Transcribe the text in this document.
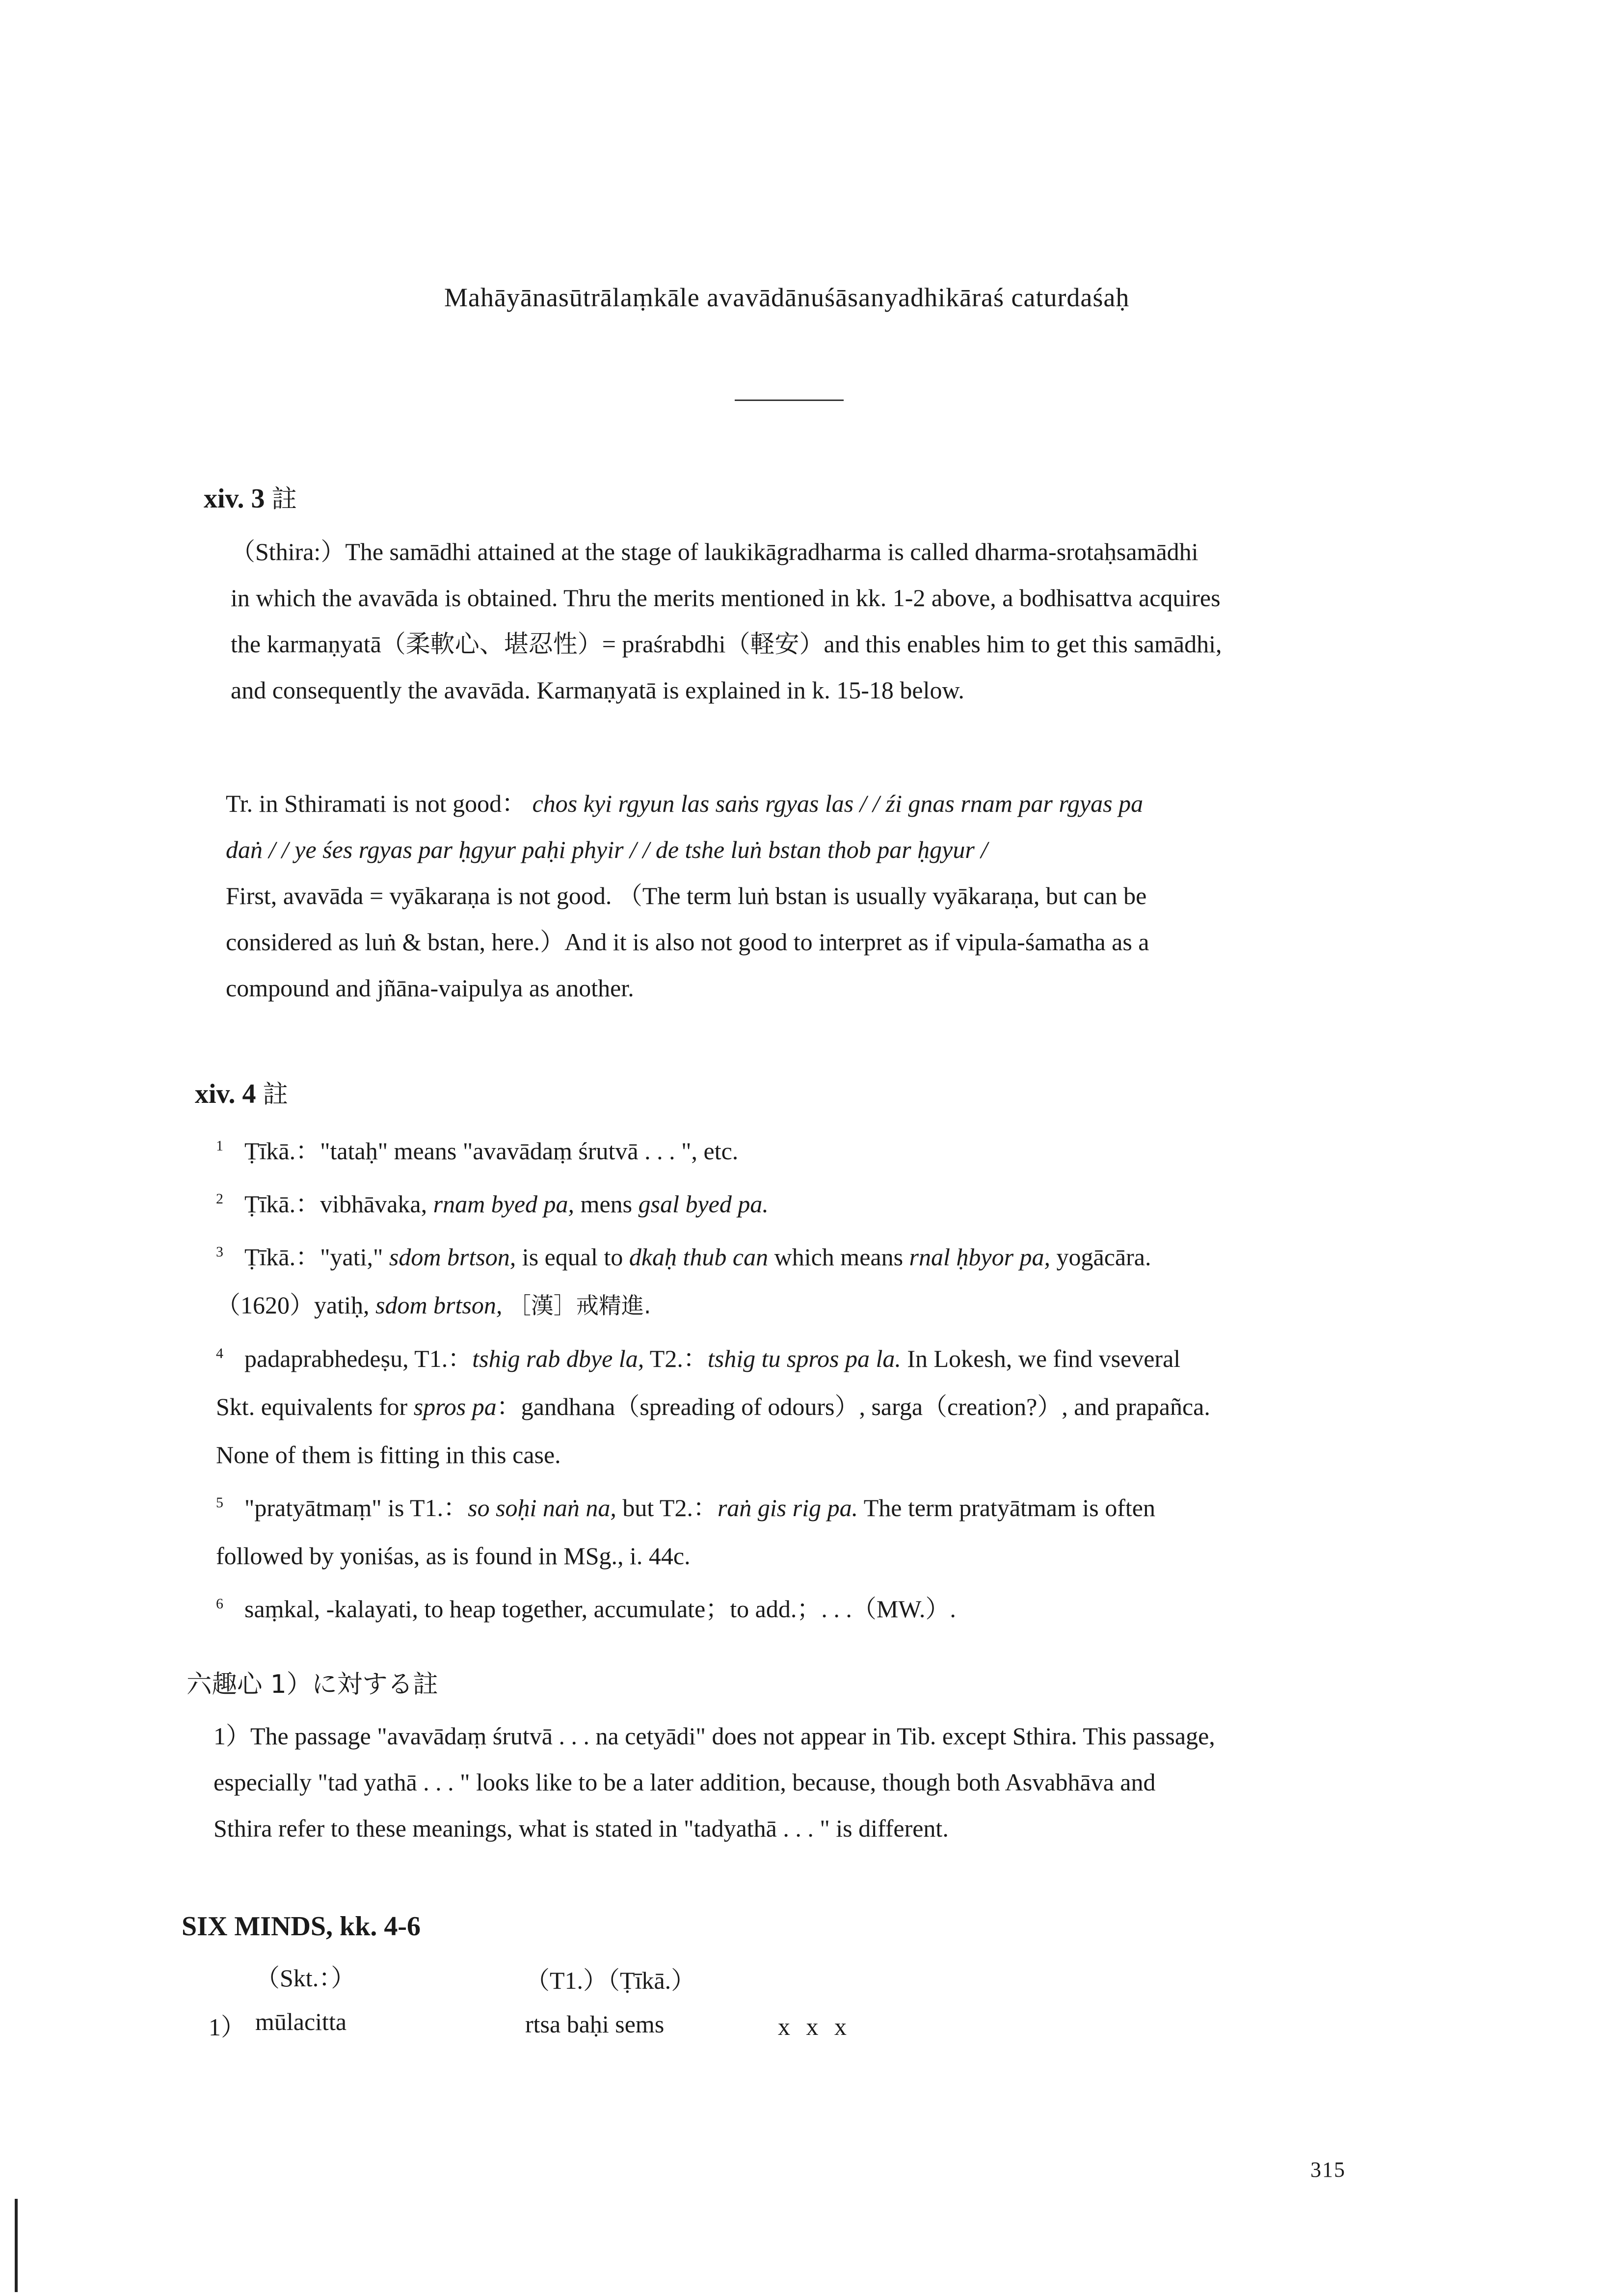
Mahāyānasūtrālaṃkāle avavādānuśāsanyadhikāraś caturdaśaḥ
xiv. 3 註
（Sthira:）The samādhi attained at the stage of laukikāgradharma is called dharma-srotaḥsamādhi
in which the avavāda is obtained. Thru the merits mentioned in kk. 1-2 above, a bodhisattva acquires
the karmaṇyatā（柔軟心、堪忍性）= praśrabdhi（軽安）and this enables him to get this samādhi,
and consequently the avavāda. Karmaṇyatā is explained in k. 15-18 below.
Tr. in Sthiramati is not good： chos kyi rgyun las saṅs rgyas las / / źi gnas rnam par rgyas pa
daṅ / / ye śes rgyas par ḥgyur paḥi phyir / / de tshe luṅ bstan thob par ḥgyur /
First, avavāda = vyākaraṇa is not good. （The term luṅ bstan is usually vyākaraṇa, but can be
considered as luṅ & bstan, here.）And it is also not good to interpret as if vipula-śamatha as a
compound and jñāna-vaipulya as another.
xiv. 4 註
1 Ṭīkā.："tataḥ" means "avavādaṃ śrutvā . . . ", etc.
2 Ṭīkā.：vibhāvaka, rnam byed pa, mens gsal byed pa.
3 Ṭīkā.："yati," sdom brtson, is equal to dkaḥ thub can which means rnal ḥbyor pa, yogācāra.
（1620）yatiḥ, sdom brtson, ［漢］戒精進.
4 padaprabhedeṣu, T1.：tshig rab dbye la, T2.：tshig tu spros pa la. In Lokesh, we find vseveral
Skt. equivalents for spros pa：gandhana（spreading of odours）, sarga（creation?）, and prapañca.
None of them is fitting in this case.
5 "pratyātmaṃ" is T1.：so soḥi naṅ na, but T2.：raṅ gis rig pa. The term pratyātmam is often
followed by yoniśas, as is found in MSg., i. 44c.
6 saṃkal, -kalayati, to heap together, accumulate；to add.；. . .（MW.）.
六趣心 1）に対する註
1）The passage "avavādaṃ śrutvā . . . na cetyādi" does not appear in Tib. except Sthira. This passage,
especially "tad yathā . . . " looks like to be a later addition, because, though both Asvabhāva and
Sthira refer to these meanings, what is stated in "tadyathā . . . " is different.
SIX MINDS, kk. 4-6
（Skt.：）	（T1.）（Ṭīkā.）
1） mūlacitta	rtsa baḥi sems	x x x
315
